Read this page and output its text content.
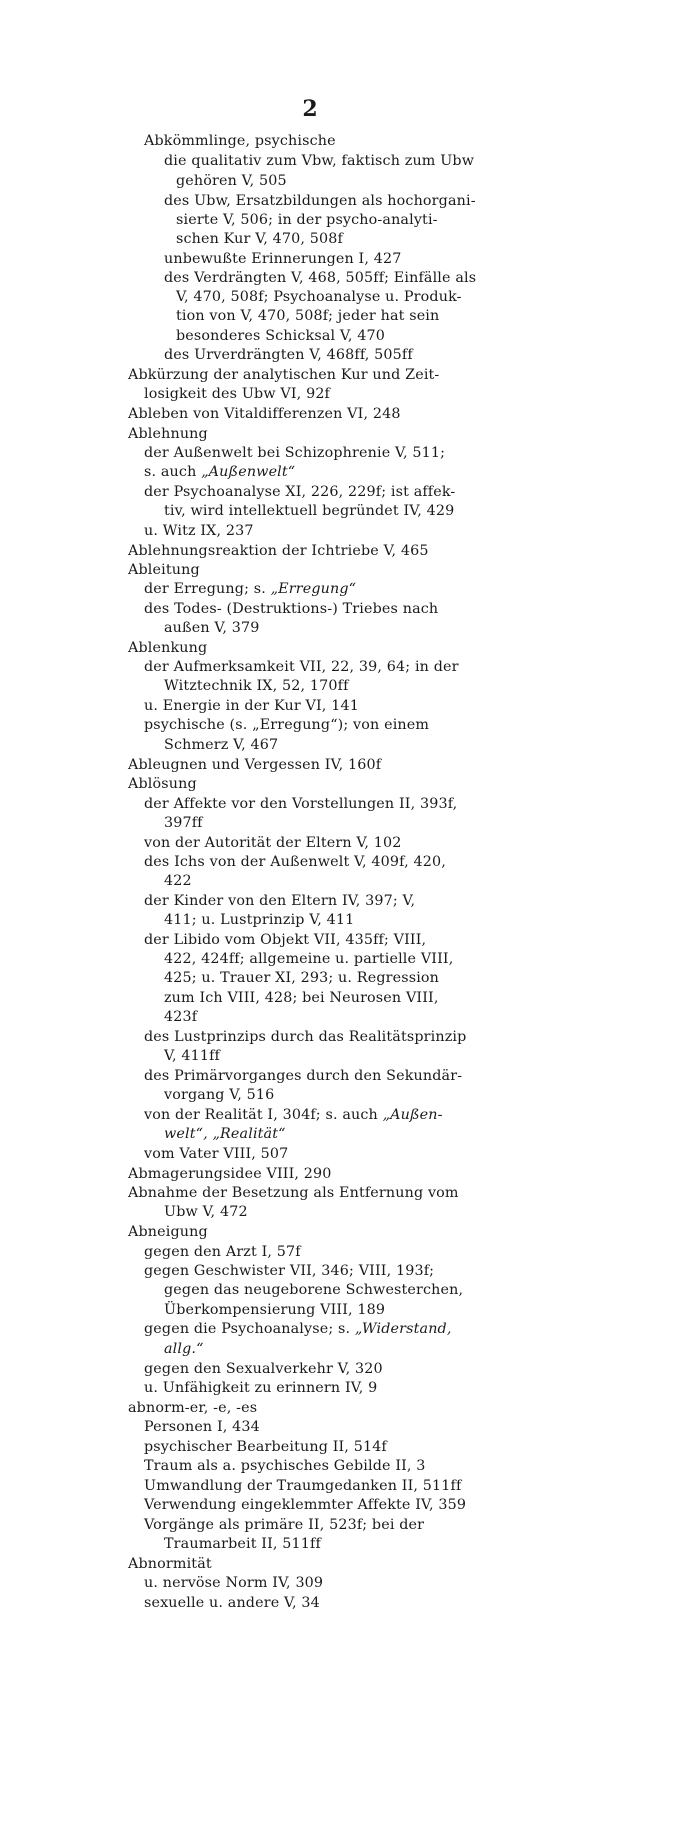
2
Abkömmlinge, psychische
die qualitativ zum Vbw, faktisch zum Ubw
gehören V, 505
des Ubw, Ersatzbildungen als hochorgani-
sierte V, 506; in der psycho-analyti-
schen Kur V, 470, 508f
unbewußte Erinnerungen I, 427
des Verdrängten V, 468, 505ff; Einfälle als
V, 470, 508f; Psychoanalyse u. Produk-
tion von V, 470, 508f; jeder hat sein
besonderes Schicksal V, 470
des Urverdrängten V, 468ff, 505ff
Abkürzung der analytischen Kur und Zeit-
losigkeit des Ubw VI, 92f
Ableben von Vitaldifferenzen VI, 248
Ablehnung
der Außenwelt bei Schizophrenie V, 511;
s. auch „Außenwelt“
der Psychoanalyse XI, 226, 229f; ist affek-
tiv, wird intellektuell begründet IV, 429
u. Witz IX, 237
Ablehnungsreaktion der Ichtriebe V, 465
Ableitung
der Erregung; s. „Erregung“
des Todes- (Destruktions-) Triebes nach
außen V, 379
Ablenkung
der Aufmerksamkeit VII, 22, 39, 64; in der
Witztechnik IX, 52, 170ff
u. Energie in der Kur VI, 141
psychische (s. „Erregung“); von einem
Schmerz V, 467
Ableugnen und Vergessen IV, 160f
Ablösung
der Affekte vor den Vorstellungen II, 393f,
397ff
von der Autorität der Eltern V, 102
des Ichs von der Außenwelt V, 409f, 420,
422
der Kinder von den Eltern IV, 397; V,
411; u. Lustprinzip V, 411
der Libido vom Objekt VII, 435ff; VIII,
422, 424ff; allgemeine u. partielle VIII,
425; u. Trauer XI, 293; u. Regression
zum Ich VIII, 428; bei Neurosen VIII,
423f
des Lustprinzips durch das Realitätsprinzip
V, 411ff
des Primärvorganges durch den Sekundär-
vorgang V, 516
von der Realität I, 304f; s. auch „Außen-
welt“, „Realität“
vom Vater VIII, 507
Abmagerungsidee VIII, 290
Abnahme der Besetzung als Entfernung vom
Ubw V, 472
Abneigung
gegen den Arzt I, 57f
gegen Geschwister VII, 346; VIII, 193f;
gegen das neugeborene Schwesterchen,
Überkompensierung VIII, 189
gegen die Psychoanalyse; s. „Widerstand,
allg.“
gegen den Sexualverkehr V, 320
u. Unfähigkeit zu erinnern IV, 9
abnorm-er, -e, -es
Personen I, 434
psychischer Bearbeitung II, 514f
Traum als a. psychisches Gebilde II, 3
Umwandlung der Traumgedanken II, 511ff
Verwendung eingeklemmter Affekte IV, 359
Vorgänge als primäre II, 523f; bei der
Traumarbeit II, 511ff
Abnormität
u. nervöse Norm IV, 309
sexuelle u. andere V, 34
